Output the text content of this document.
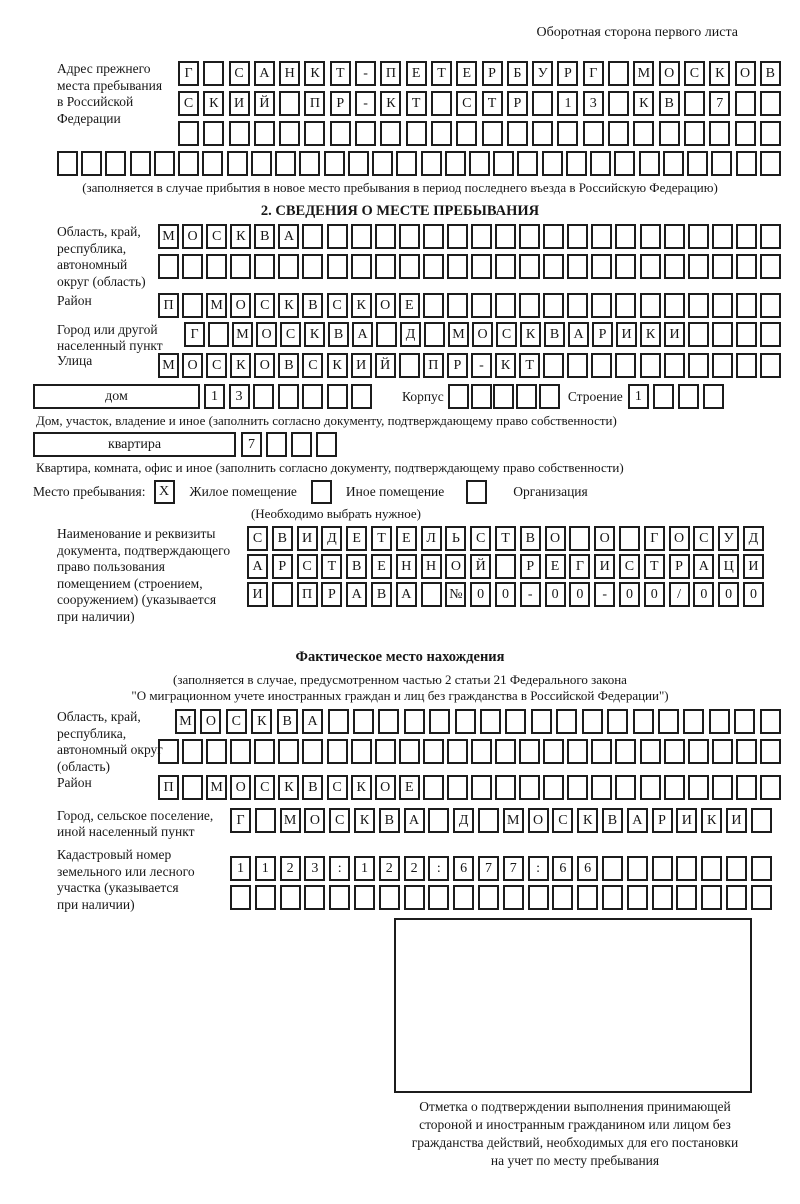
Оборотная сторона первого листа
Адрес прежнего
места пребывания
в Российской
Федерации
Г	С	А	Н	К	Т	-	П	Е	Т	Е	Р	Б	У	Р	Г	М	О	С	К	О	В
С	К	И	Й	П	Р	-	К	Т	С	Т	Р	1	3	К	В	7
(заполняется в случае прибытия в новое место пребывания в период последнего въезда в Российскую Федерацию)
2. СВЕДЕНИЯ О МЕСТЕ ПРЕБЫВАНИЯ
Область, край,
республика,
автономный
округ (область)
М О	С	К	В	А
Район	П	М О	С	К	В	С	К	О	Е
Город или другой
населенный пункт
Г	М О	С	К	В	А	Д	М О	С	К	В	А	Р	И	К	И
Улица	М О	С	К	О	В	С	К	И Й	П	Р	-	К	Т
дом	1	3	Корпус	Строение 1
Дом, участок, владение и иное (заполнить согласно документу, подтверждающему право собственности)
квартира	7
Квартира, комната, офис и иное (заполнить согласно документу, подтверждающему право собственности)
Место пребывания: X	Жилое помещение	Иное помещение	Организация
(Необходимо выбрать нужное)
Наименование и реквизиты
документа, подтверждающего
право пользования
помещением (строением,
сооружением) (указывается
при наличии)
С	В	И	Д	Е	Т	Е	Л	Ь	С	Т	В	О	О	Г	О	С	У	Д
А	Р	С	Т	В	Е	Н	Н	О	Й	Р	Е	Г	И	С	Т	Р	А	Ц	И
И	П	Р	А	В	А	№	0	0	-	0	0	-	0	0	/	0	0	0
Фактическое место нахождения
(заполняется в случае, предусмотренном частью 2 статьи 21 Федерального закона
"О миграционном учете иностранных граждан и лиц без гражданства в Российской Федерации")
Область, край,
республика,
автономный округ
(область)
М	О	С	К	В	А
Район	П	М О	С	К	В	С	К	О	Е
Город, сельское поселение,
иной населенный пункт
Г	М О	С	К	В	А	Д	М О	С	К	В	А	Р	И	К	И
Кадастровый номер
земельного или лесного
участка (указывается
при наличии)
1	1	2	3	:	1	2	2	:	6	7	7	:	6	6
Отметка о подтверждении выполнения принимающей
стороной и иностранным гражданином или лицом без
гражданства действий, необходимых для его постановки
на учет по месту пребывания
